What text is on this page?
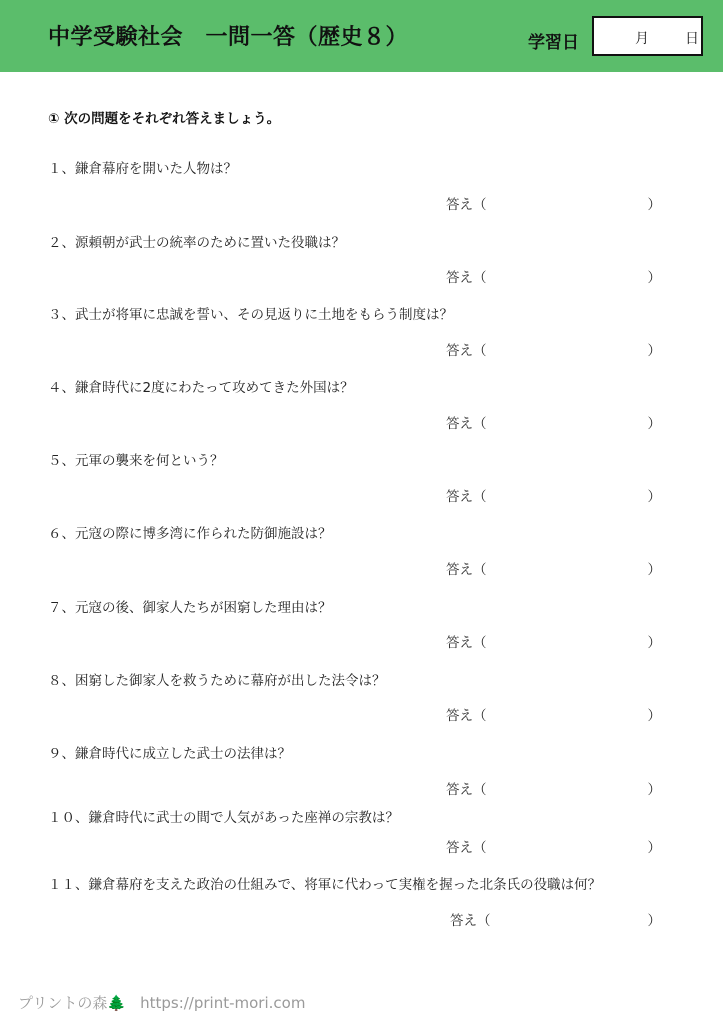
中学受験社会　一問一答（歴史８）	学習日	月	日
① 次の問題をそれぞれ答えましょう。
１、鎌倉幕府を開いた人物は？
答え（	）
２、源頼朝が武士の統率のために置いた役職は？
答え（	）
３、武士が将軍に忠誠を誓い、その見返りに土地をもらう制度は？
答え（	）
４、鎌倉時代に2度にわたって攻めてきた外国は？
答え（	）
５、元軍の襲来を何という？
答え（	）
６、元寇の際に博多湾に作られた防御施設は？
答え（	）
７、元寇の後、御家人たちが困窮した理由は？
答え（	）
８、困窮した御家人を救うために幕府が出した法令は？
答え（	）
９、鎌倉時代に成立した武士の法律は？
答え（	）
１０、鎌倉時代に武士の間で人気があった座禅の宗教は？
答え（	）
１１、鎌倉幕府を支えた政治の仕組みで、将軍に代わって実権を握った北条氏の役職は何？
答え（	）
プリントの森🌲 https://print-mori.com
